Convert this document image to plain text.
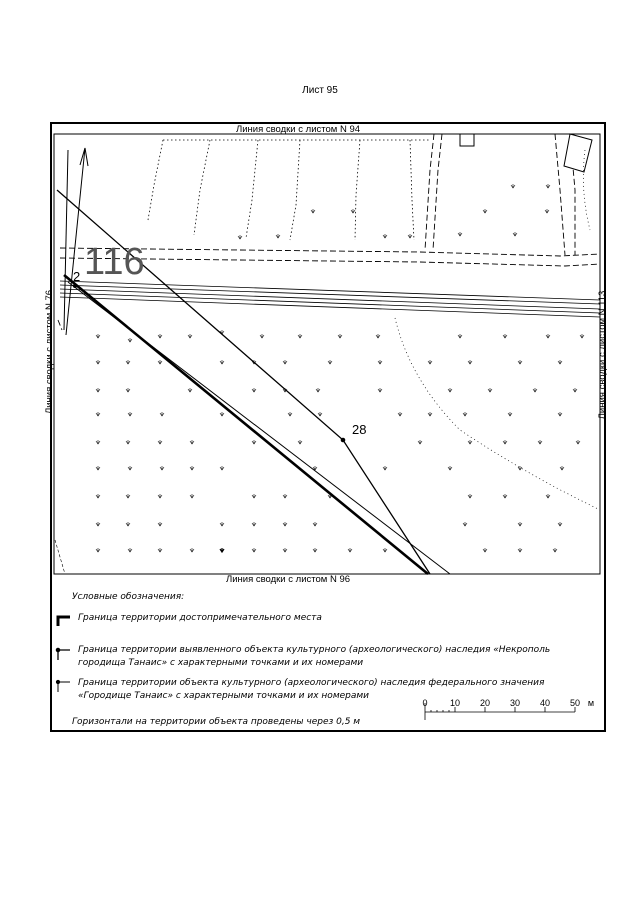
Лист 95
116
2
28
Линия сводки с листом N 94
Линия сводки с листом N 96
Линия сводки с листом N 76	Линия сводки с листом N 113
0 10 20 30 40 50 м
Условные обозначения:
Граница территории достопримечательного места
Граница территории выявленного объекта культурного (археологического) наследия «Некрополь
городища Танаис» с характерными точками и их номерами
Граница территории объекта культурного (археологического) наследия федерального значения
«Городище Танаис» с характерными точками и их номерами
Горизонтали на территории объекта проведены через 0,5 м
